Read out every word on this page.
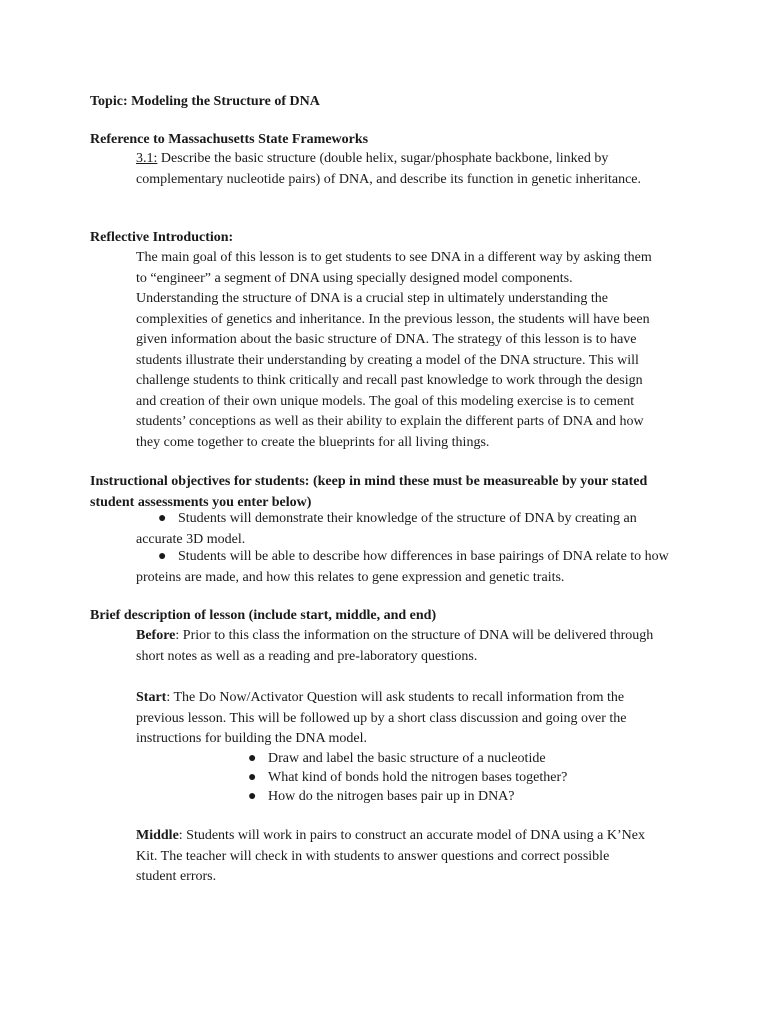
Topic: Modeling the Structure of DNA

Reference to Massachusetts State Frameworks

3.1: Describe the basic structure (double helix, sugar/phosphate backbone, linked by complementary nucleotide pairs) of DNA, and describe its function in genetic inheritance.

Reflective Introduction:

The main goal of this lesson is to get students to see DNA in a different way by asking them to “engineer” a segment of DNA using specially designed model components. Understanding the structure of DNA is a crucial step in ultimately understanding the complexities of genetics and inheritance. In the previous lesson, the students will have been given information about the basic structure of DNA. The strategy of this lesson is to have students illustrate their understanding by creating a model of the DNA structure. This will challenge students to think critically and recall past knowledge to work through the design and creation of their own unique models. The goal of this modeling exercise is to cement students’ conceptions as well as their ability to explain the different parts of DNA and how they come together to create the blueprints for all living things.

Instructional objectives for students: (keep in mind these must be measureable by your stated student assessments you enter below)

● Students will demonstrate their knowledge of the structure of DNA by creating an accurate 3D model.

● Students will be able to describe how differences in base pairings of DNA relate to how proteins are made, and how this relates to gene expression and genetic traits.

Brief description of lesson (include start, middle, and end)

Before: Prior to this class the information on the structure of DNA will be delivered through short notes as well as a reading and pre-laboratory questions.

Start: The Do Now/Activator Question will ask students to recall information from the previous lesson. This will be followed up by a short class discussion and going over the instructions for building the DNA model.

● Draw and label the basic structure of a nucleotide

● What kind of bonds hold the nitrogen bases together?

● How do the nitrogen bases pair up in DNA?

Middle: Students will work in pairs to construct an accurate model of DNA using a K’Nex Kit. The teacher will check in with students to answer questions and correct possible student errors.
